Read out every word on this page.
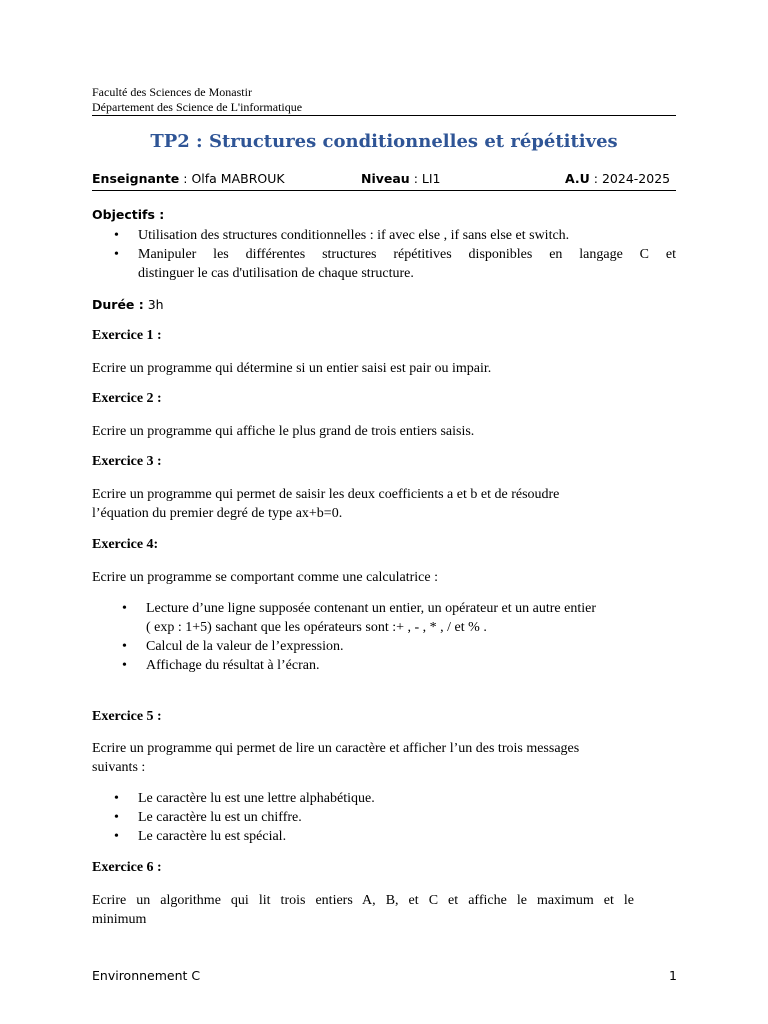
Faculté des Sciences de Monastir
Département des Science de L'informatique
TP2 : Structures conditionnelles et répétitives
Enseignante : Olfa MABROUK	Niveau : LI1	A.U : 2024-2025
Objectifs :
• Utilisation des structures conditionnelles : if avec else , if sans else et switch.
• Manipuler les différentes structures répétitives disponibles en langage C et
distinguer le cas d'utilisation de chaque structure.
Durée : 3h
Exercice 1 :
Ecrire un programme qui détermine si un entier saisi est pair ou impair.
Exercice 2 :
Ecrire un programme qui affiche le plus grand de trois entiers saisis.
Exercice 3 :
Ecrire un programme qui permet de saisir les deux coefficients a et b et de résoudre
l’équation du premier degré de type ax+b=0.
Exercice 4:
Ecrire un programme se comportant comme une calculatrice :
• Lecture d’une ligne supposée contenant un entier, un opérateur et un autre entier
( exp : 1+5) sachant que les opérateurs sont :+ , - , * , / et % .
• Calcul de la valeur de l’expression.
• Affichage du résultat à l’écran.
Exercice 5 :
Ecrire un programme qui permet de lire un caractère et afficher l’un des trois messages
suivants :
• Le caractère lu est une lettre alphabétique.
• Le caractère lu est un chiffre.
• Le caractère lu est spécial.
Exercice 6 :
Ecrire un algorithme qui lit trois entiers A, B, et C et affiche le maximum et le
minimum
Environnement C	1
